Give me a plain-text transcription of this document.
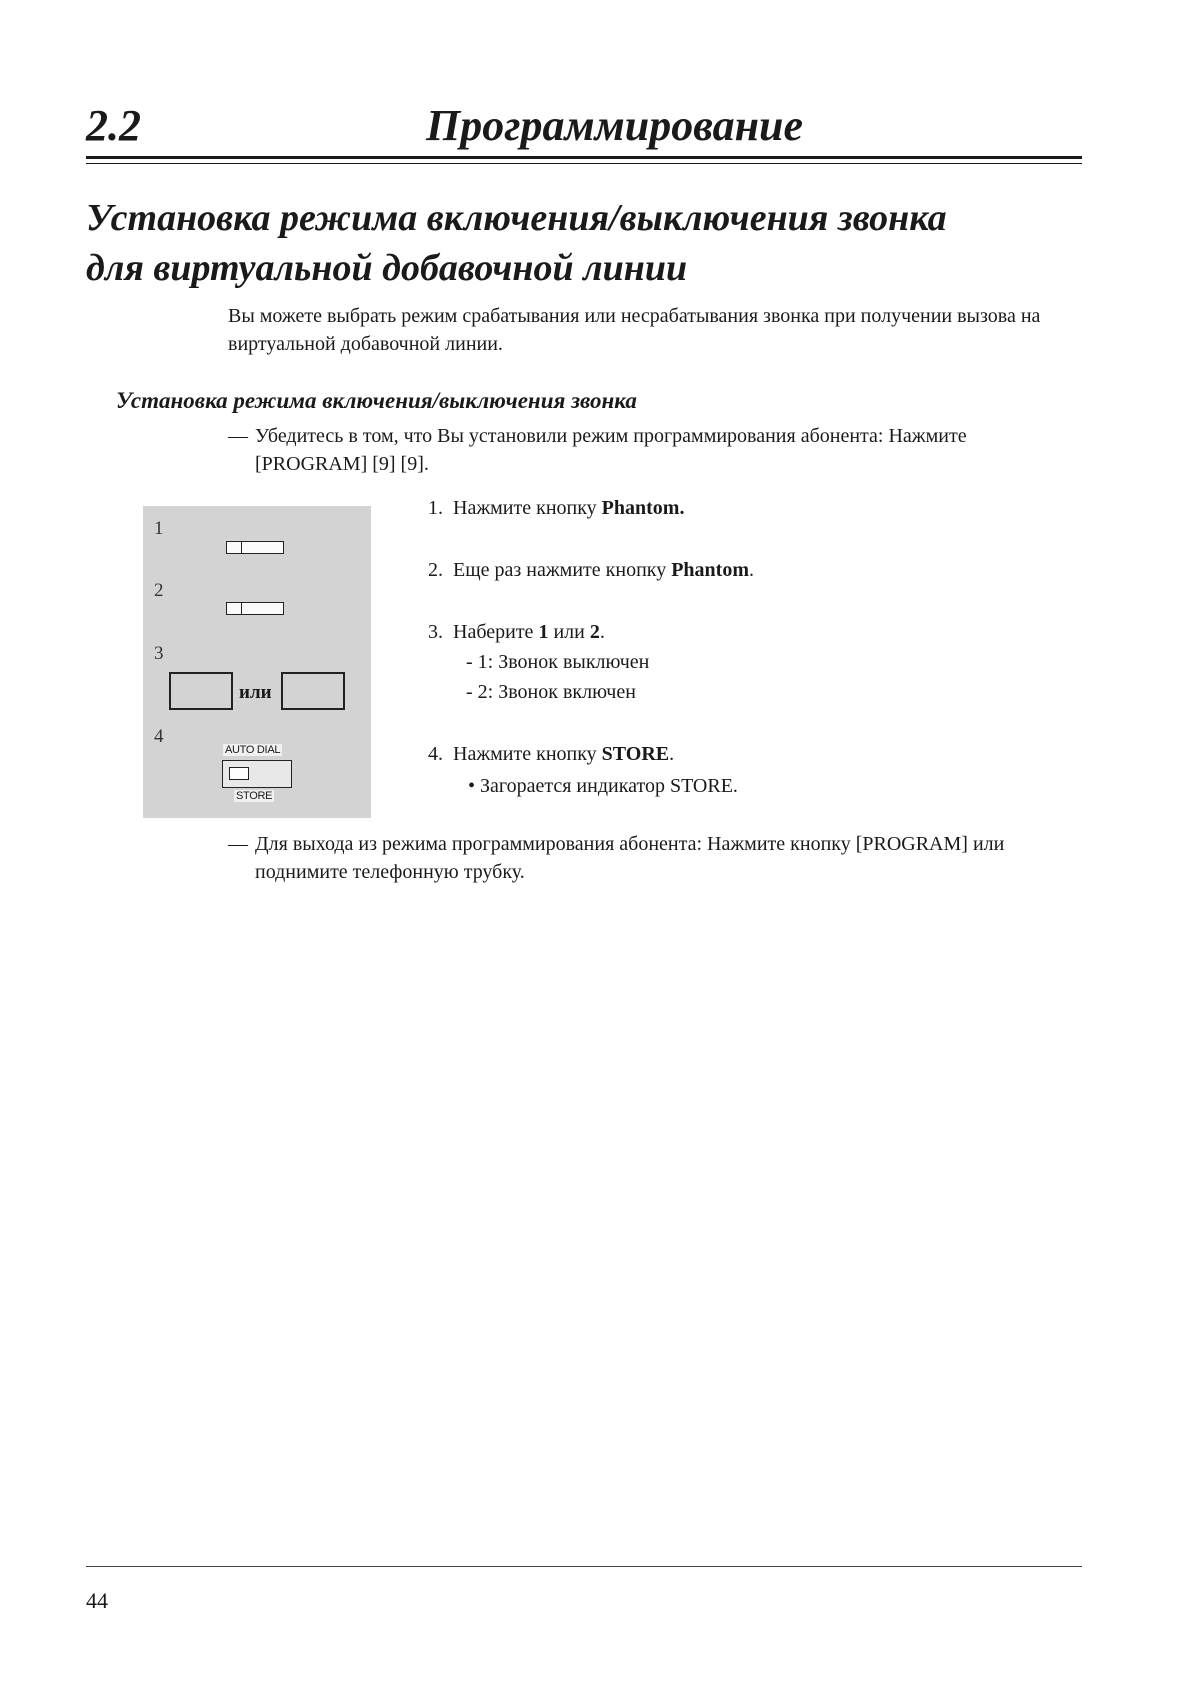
2.2	Программирование
Установка режима включения/выключения звонка
для виртуальной добавочной линии
Вы можете выбрать режим срабатывания или несрабатывания звонка при получении вызова на виртуальной добавочной линии.
Установка режима включения/выключения звонка
— Убедитесь в том, что Вы установили режим программирования абонента: Нажмите [PROGRAM] [9] [9].
1
2
3
или
4
AUTO DIAL
STORE
1. Нажмите кнопку Phantom.
2. Еще раз нажмите кнопку Phantom.
3. Наберите 1 или 2.
- 1: Звонок выключен
- 2: Звонок включен
4. Нажмите кнопку STORE.
• Загорается индикатор STORE.
— Для выхода из режима программирования абонента: Нажмите кнопку [PROGRAM] или поднимите телефонную трубку.
44
